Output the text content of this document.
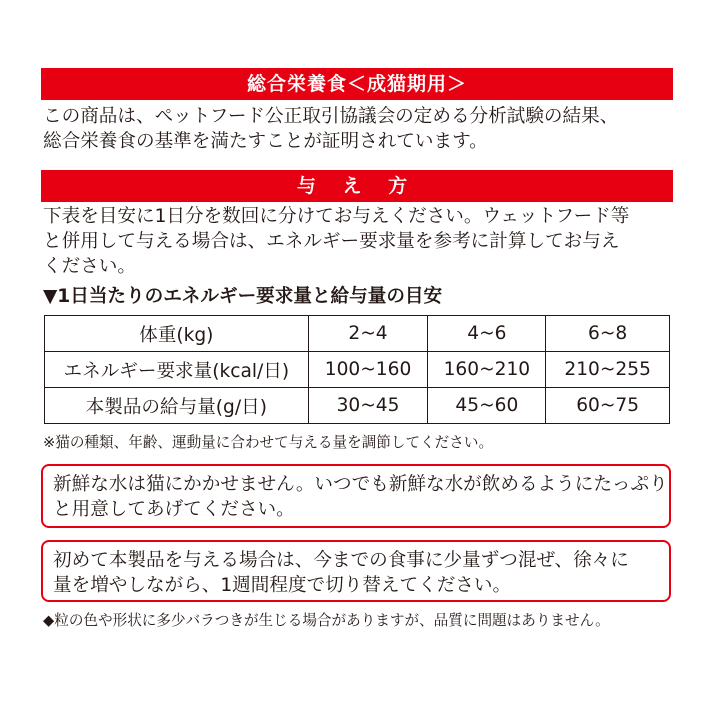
総合栄養食＜成猫期用＞
この商品は、ペットフード公正取引協議会の定める分析試験の結果、
総合栄養食の基準を満たすことが証明されています。
与 え 方
下表を目安に1日分を数回に分けてお与えください。ウェットフード等
と併用して与える場合は、エネルギー要求量を参考に計算してお与え
ください。
▼1日当たりのエネルギー要求量と給与量の目安
体重(kg)	2~4	4~6	6~8
エネルギー要求量(kcal/日)	100~160	160~210	210~255
本製品の給与量(g/日)	30~45	45~60	60~75
※猫の種類、年齢、運動量に合わせて与える量を調節してください。
新鮮な水は猫にかかせません。いつでも新鮮な水が飲めるようにたっぷり
と用意してあげてください。
初めて本製品を与える場合は、今までの食事に少量ずつ混ぜ、徐々に
量を増やしながら、1週間程度で切り替えてください。
◆粒の色や形状に多少バラつきが生じる場合がありますが、品質に問題はありません。
